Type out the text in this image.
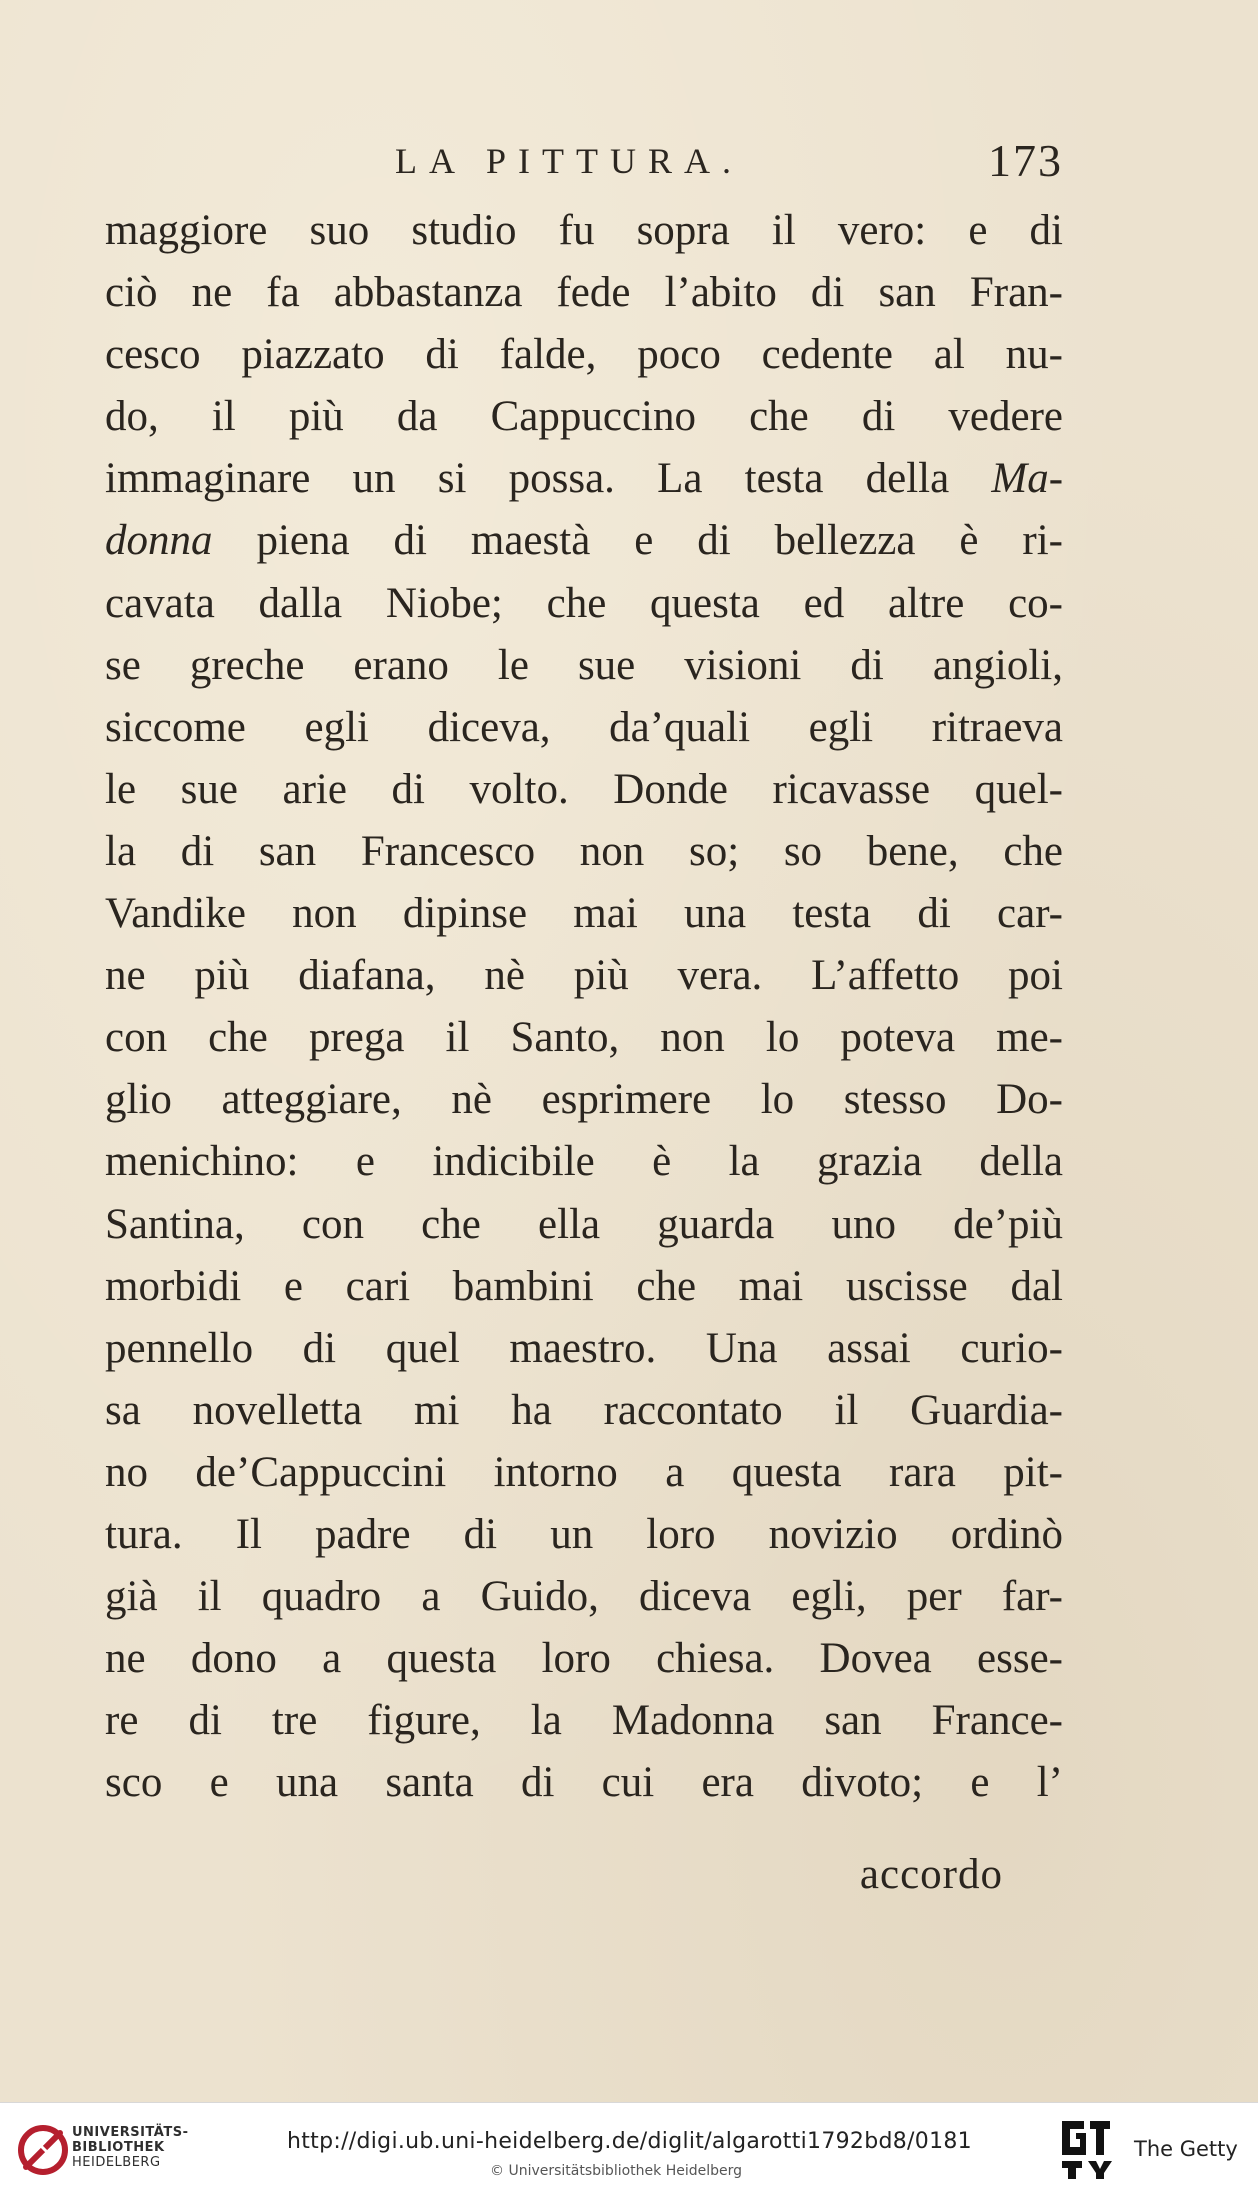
LA PITTURA.	173
maggiore suo studio fu sopra il vero: e di
ciò ne fa abbastanza fede l’abito di san Fran-
cesco piazzato di falde, poco cedente al nu-
do, il più da Cappuccino che di vedere
immaginare un si possa. La testa della Ma-
donna piena di maestà e di bellezza è ri-
cavata dalla Niobe; che questa ed altre co-
se greche erano le sue visioni di angioli,
siccome egli diceva, da’quali egli ritraeva
le sue arie di volto. Donde ricavasse quel-
la di san Francesco non so; so bene, che
Vandike non dipinse mai una testa di car-
ne più diafana, nè più vera. L’affetto poi
con che prega il Santo, non lo poteva me-
glio atteggiare, nè esprimere lo stesso Do-
menichino: e indicibile è la grazia della
Santina, con che ella guarda uno de’più
morbidi e cari bambini che mai uscisse dal
pennello di quel maestro. Una assai curio-
sa novelletta mi ha raccontato il Guardia-
no de’Cappuccini intorno a questa rara pit-
tura. Il padre di un loro novizio ordinò
già il quadro a Guido, diceva egli, per far-
ne dono a questa loro chiesa. Dovea esse-
re di tre figure, la Madonna san France-
sco e una santa di cui era divoto; e l’
accordo
UNIVERSITÄTS-
BIBLIOTHEK
HEIDELBERG
http://digi.ub.uni-heidelberg.de/diglit/algarotti1792bd8/0181
© Universitätsbibliothek Heidelberg
The Getty
